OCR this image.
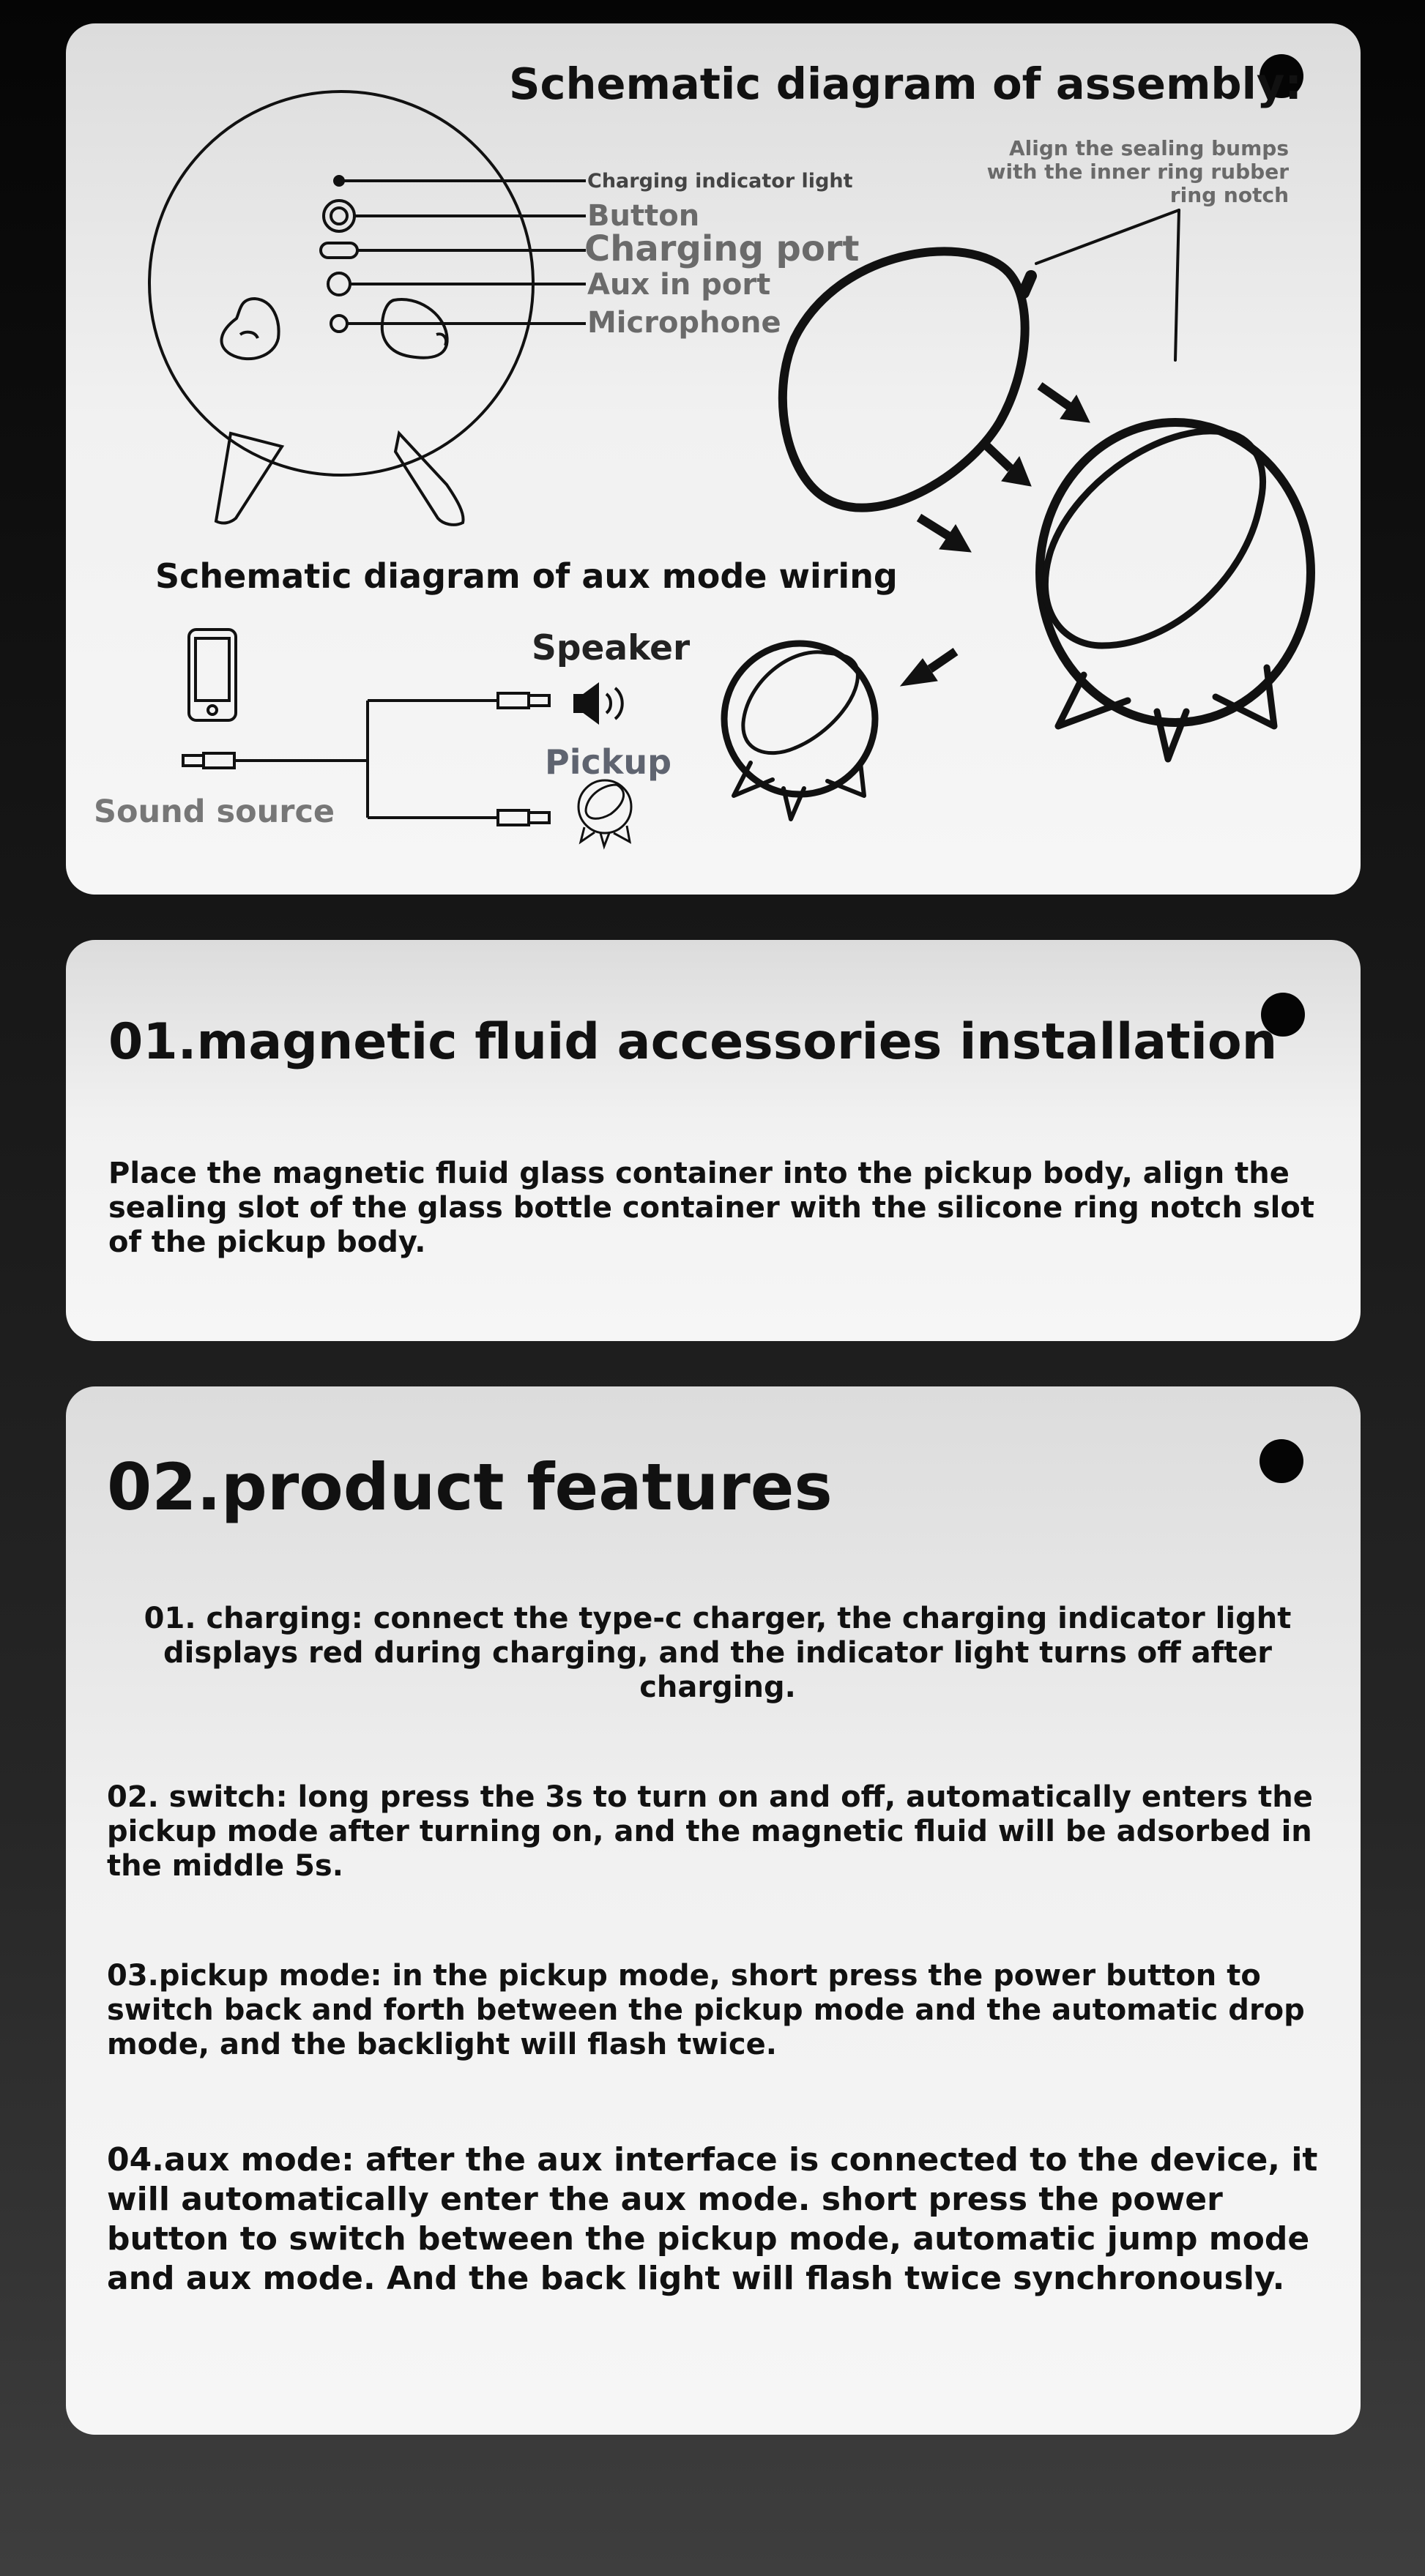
Schematic diagram of assembly:

Align the sealing bumps
with the inner ring rubber
ring notch

Charging indicator light

Button

Charging port

Aux in port

Microphone

Schematic diagram of aux mode wiring

Speaker

Pickup

Sound source

01.magnetic fluid accessories installation

Place the magnetic fluid glass container into the pickup body, align the sealing slot of the glass bottle container with the silicone ring notch slot of the pickup body.

02.product features

01. charging: connect the type-c charger, the charging indicator light displays red during charging, and the indicator light turns off after charging.

02. switch: long press the 3s to turn on and off, automatically enters the pickup mode after turning on, and the magnetic fluid will be adsorbed in the middle 5s.

03.pickup mode: in the pickup mode, short press the power button to switch back and forth between the pickup mode and the automatic drop mode, and the backlight will flash twice.

04.aux mode: after the aux interface is connected to the device, it will automatically enter the aux mode. short press the power button to switch between the pickup mode, automatic jump mode and aux mode. And the back light will flash twice synchronously.
